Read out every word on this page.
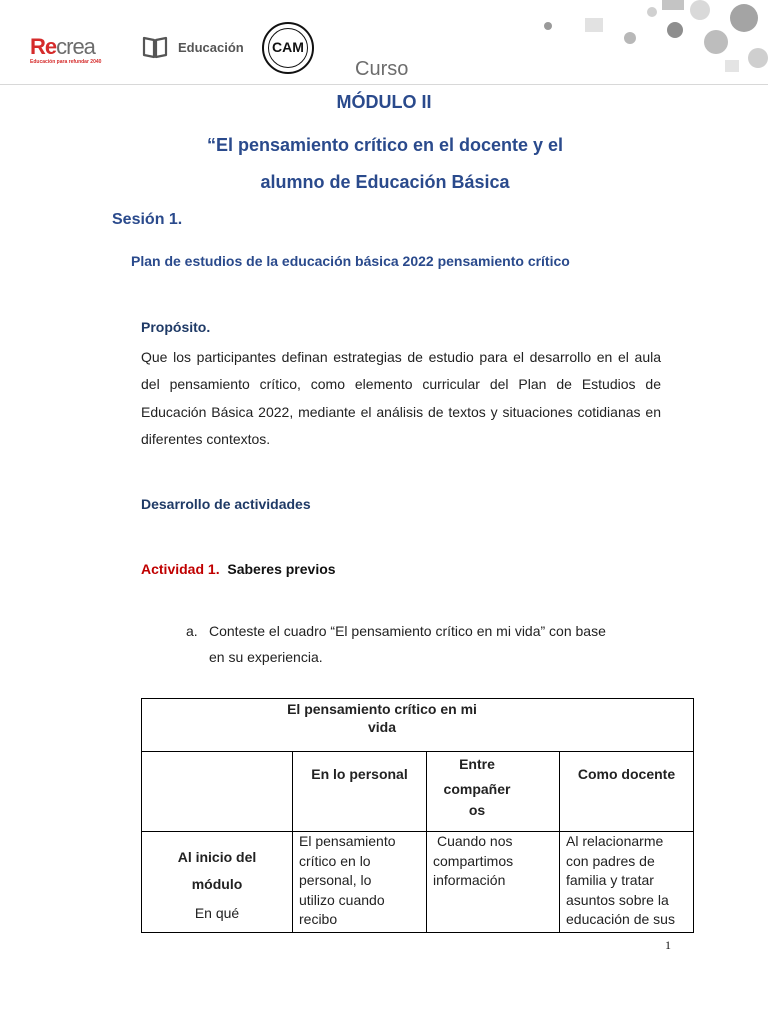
Recrea
Educación para refundar 2040
Educación	CAM
Curso
MÓDULO II
“El pensamiento crítico en el docente y el
alumno de Educación Básica
Sesión 1.
Plan de estudios de la educación básica 2022 pensamiento crítico
Propósito.
Que los participantes definan estrategias de estudio para el desarrollo en el aula del pensamiento crítico, como elemento curricular del Plan de Estudios de Educación Básica 2022, mediante el análisis de textos y situaciones cotidianas en diferentes contextos.
Desarrollo de actividades
Actividad 1. Saberes previos
a. Conteste el cuadro “El pensamiento crítico en mi vida” con base en su experiencia.
El pensamiento crítico en mi
vida
En lo personal
Entre
compañer
os
Como docente
Al inicio del
módulo
En qué
El pensamiento
crítico en lo
personal, lo
utilizo cuando
recibo
Cuando nos
compartimos
información
Al relacionarme
con padres de
familia y tratar
asuntos sobre la
educación de sus
1
